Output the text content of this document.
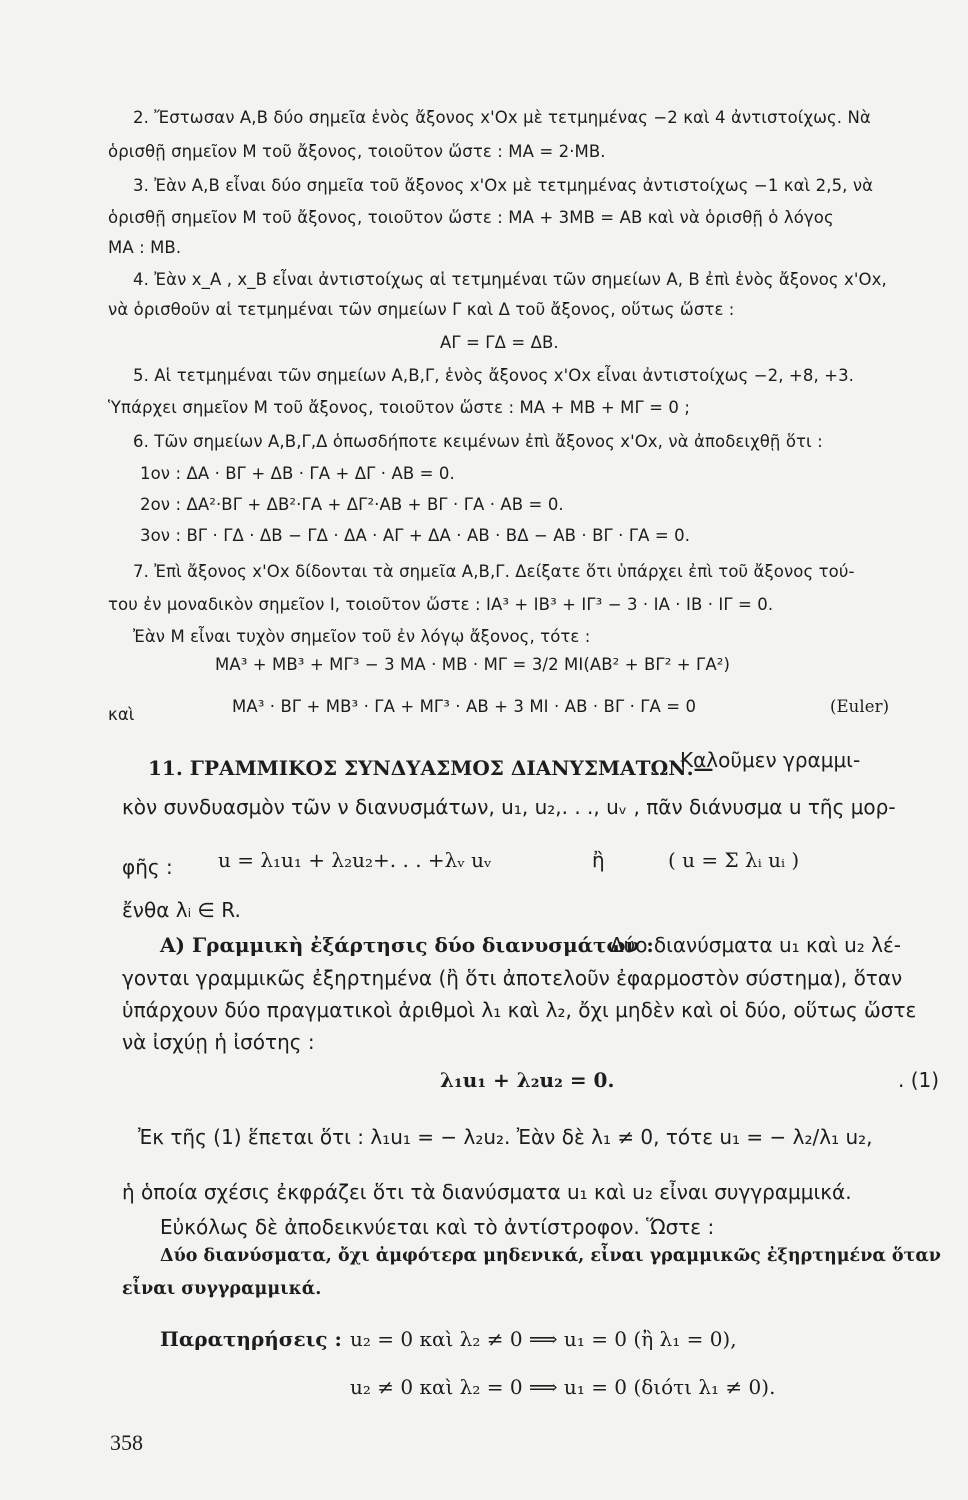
2. Ἔστωσαν Α,Β δύο σημεῖα ἑνὸς ἄξονος x'Ox μὲ τετμημένας −2 καὶ 4 ἀντιστοίχως. Νὰ
ὁρισθῇ σημεῖον Μ τοῦ ἄξονος, τοιοῦτον ὥστε : MA = 2·MB.
3. Ἐὰν Α,Β εἶναι δύο σημεῖα τοῦ ἄξονος x'Ox μὲ τετμημένας ἀντιστοίχως −1 καὶ 2,5, νὰ
ὁρισθῇ σημεῖον Μ τοῦ ἄξονος, τοιοῦτον ὥστε : MA + 3MB = AB καὶ νὰ ὁρισθῇ ὁ λόγος
MA : MB.
4. Ἐὰν x_A , x_B εἶναι ἀντιστοίχως αἱ τετμημέναι τῶν σημείων Α, Β ἐπὶ ἑνὸς ἄξονος x'Ox,
νὰ ὁρισθοῦν αἱ τετμημέναι τῶν σημείων Γ καὶ Δ τοῦ ἄξονος, οὕτως ὥστε :
AΓ = ΓΔ = ΔB.
5. Αἱ τετμημέναι τῶν σημείων Α,Β,Γ, ἑνὸς ἄξονος x'Ox εἶναι ἀντιστοίχως −2, +8, +3.
Ὑπάρχει σημεῖον Μ τοῦ ἄξονος, τοιοῦτον ὥστε : MA + MB + MΓ = 0 ;
6. Τῶν σημείων Α,Β,Γ,Δ ὁπωσδήποτε κειμένων ἐπὶ ἄξονος x'Ox, νὰ ἀποδειχθῇ ὅτι :
1ον : ΔA · BΓ + ΔB · ΓA + ΔΓ · AB = 0.
2ον : ΔA²·BΓ + ΔB²·ΓA + ΔΓ²·AB + BΓ · ΓA · AB = 0.
3ον : BΓ · ΓΔ · ΔB − ΓΔ · ΔA · AΓ + ΔA · AB · BΔ − AB · BΓ · ΓA = 0.
7. Ἐπὶ ἄξονος x'Ox δίδονται τὰ σημεῖα Α,Β,Γ. Δείξατε ὅτι ὑπάρχει ἐπὶ τοῦ ἄξονος τού-
του ἐν μοναδικὸν σημεῖον Ι, τοιοῦτον ὥστε : IA³ + IB³ + IΓ³ − 3 · IA · IB · IΓ = 0.
Ἐὰν Μ εἶναι τυχὸν σημεῖον τοῦ ἐν λόγῳ ἄξονος, τότε :
MA³ + MB³ + MΓ³ − 3 MA · MB · MΓ = 3/2 MI(AB² + BΓ² + ΓA²)
καὶ	MA³ · BΓ + MB³ · ΓA + MΓ³ · AB + 3 MI · AB · BΓ · ΓA = 0	(Euler)
11. ΓΡΑΜΜΙΚΟΣ ΣΥΝΔΥΑΣΜΟΣ ΔΙΑΝΥΣΜΑΤΩΝ.—
Καλοῦμεν γραμμι-
κὸν συνδυασμὸν τῶν ν διανυσμάτων, u₁, u₂,. . ., uᵥ , πᾶν διάνυσμα u τῆς μορ-
φῆς : u = λ₁u₁ + λ₂u₂+. . . +λᵥ uᵥ	ἢ	( u = Σ λᵢ uᵢ )
ἔνθα λᵢ ∈ R.
Α) Γραμμικὴ ἐξάρτησις δύο διανυσμάτων :
Δύο διανύσματα u₁ καὶ u₂ λέ-
γονται γραμμικῶς ἐξηρτημένα (ἢ ὅτι ἀποτελοῦν ἐφαρμοστὸν σύστημα), ὅταν
ὑπάρχουν δύο πραγματικοὶ ἀριθμοὶ λ₁ καὶ λ₂, ὄχι μηδὲν καὶ οἱ δύο, οὕτως ὥστε
νὰ ἰσχύῃ ἡ ἰσότης :
λ₁u₁ + λ₂u₂ = 0.	. (1)
Ἐκ τῆς (1) ἕπεται ὅτι : λ₁u₁ = − λ₂u₂. Ἐὰν δὲ λ₁ ≠ 0, τότε u₁ = − λ₂/λ₁ u₂,
ἡ ὁποία σχέσις ἐκφράζει ὅτι τὰ διανύσματα u₁ καὶ u₂ εἶναι συγγραμμικά.
Εὐκόλως δὲ ἀποδεικνύεται καὶ τὸ ἀντίστροφον. Ὥστε :
Δύο διανύσματα, ὄχι ἀμφότερα μηδενικά, εἶναι γραμμικῶς ἐξηρτημένα ὅταν
εἶναι συγγραμμικά.
Παρατηρήσεις : u₂ = 0 καὶ λ₂ ≠ 0 ⟹ u₁ = 0 (ἢ λ₁ = 0),
u₂ ≠ 0 καὶ λ₂ = 0 ⟹ u₁ = 0 (διότι λ₁ ≠ 0).
358
